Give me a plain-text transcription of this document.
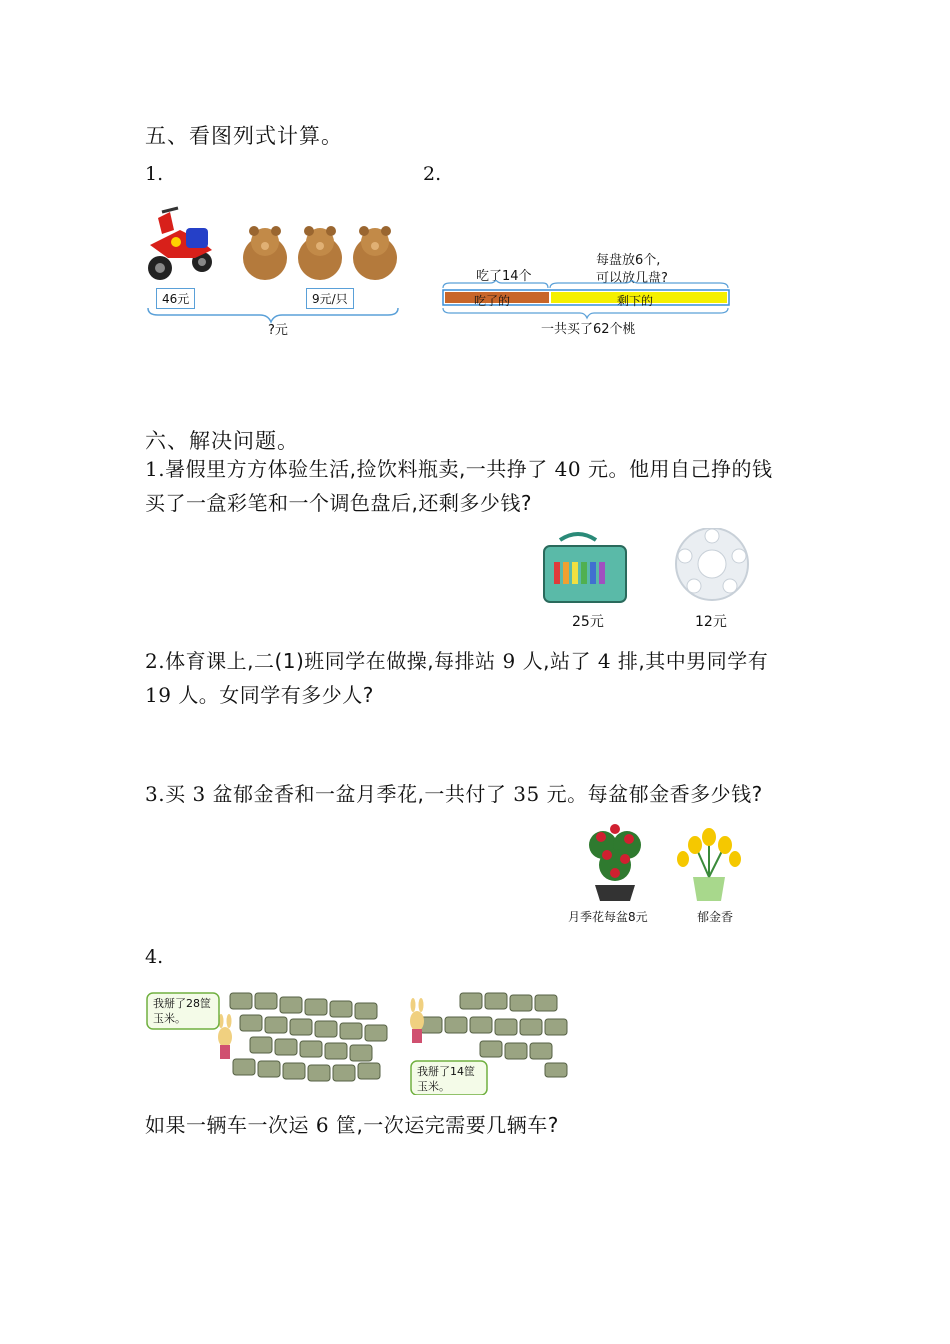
五、看图列式计算。
1.	2.
46元	9元/只
?元
吃了14个
每盘放6个,
可以放几盘?
吃了的	剩下的
一共买了62个桃
六、解决问题。
1.暑假里方方体验生活,捡饮料瓶卖,一共挣了 40 元。他用自己挣的钱
买了一盒彩笔和一个调色盘后,还剩多少钱?
25元	12元
2.体育课上,二(1)班同学在做操,每排站 9 人,站了 4 排,其中男同学有
19 人。女同学有多少人?
3.买 3 盆郁金香和一盆月季花,一共付了 35 元。每盆郁金香多少钱?
月季花每盆8元	郁金香
4.
我掰了28筐
玉米。
我掰了14筐
玉米。
如果一辆车一次运 6 筐,一次运完需要几辆车?
